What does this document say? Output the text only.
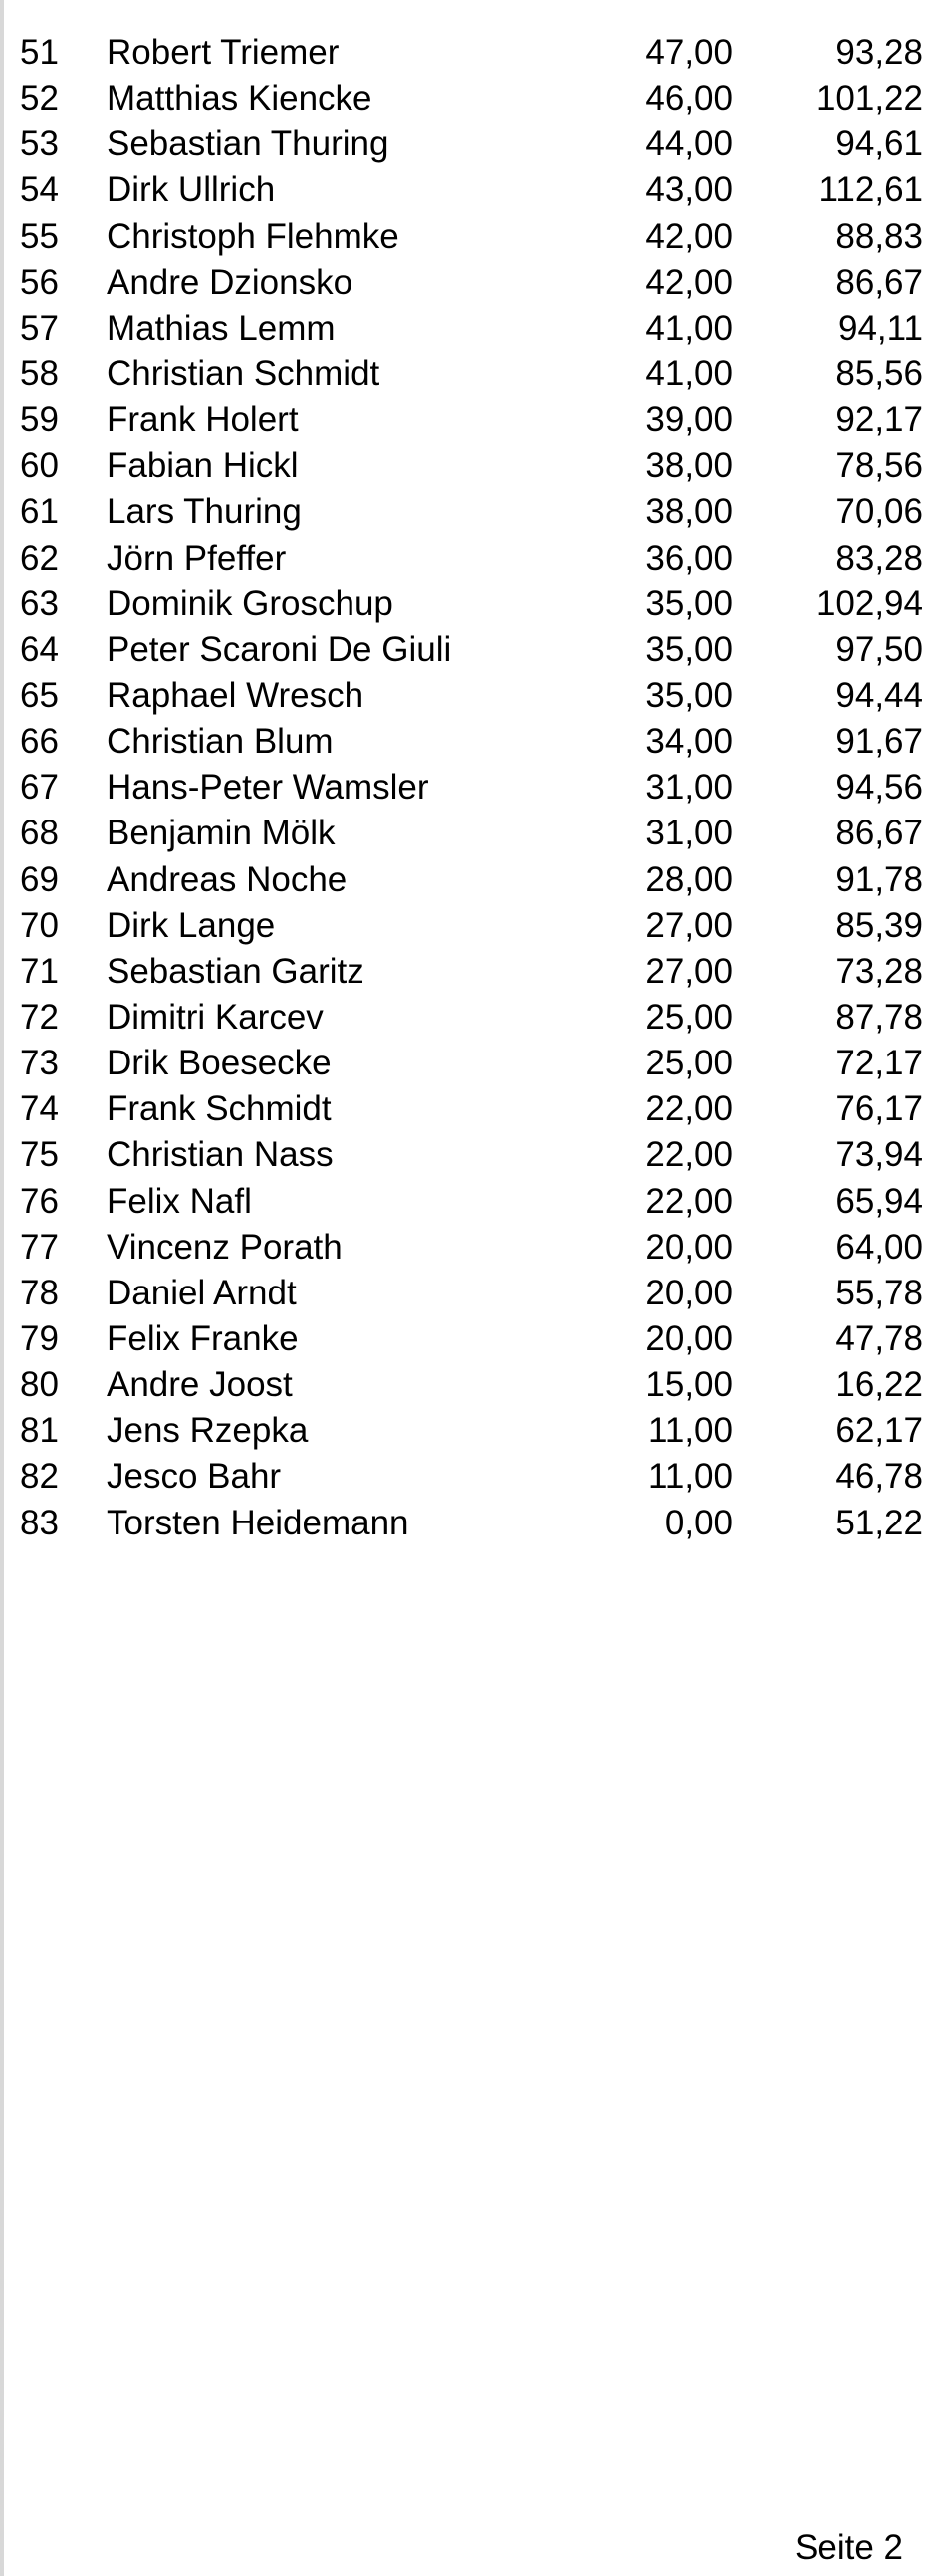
51	Robert Triemer	47,00	93,28
52	Matthias Kiencke	46,00	101,22
53	Sebastian Thuring	44,00	94,61
54	Dirk Ullrich	43,00	112,61
55	Christoph Flehmke	42,00	88,83
56	Andre Dzionsko	42,00	86,67
57	Mathias Lemm	41,00	94,11
58	Christian Schmidt	41,00	85,56
59	Frank Holert	39,00	92,17
60	Fabian Hickl	38,00	78,56
61	Lars Thuring	38,00	70,06
62	Jörn Pfeffer	36,00	83,28
63	Dominik Groschup	35,00	102,94
64	Peter Scaroni De Giuli	35,00	97,50
65	Raphael Wresch	35,00	94,44
66	Christian Blum	34,00	91,67
67	Hans-Peter Wamsler	31,00	94,56
68	Benjamin Mölk	31,00	86,67
69	Andreas Noche	28,00	91,78
70	Dirk Lange	27,00	85,39
71	Sebastian Garitz	27,00	73,28
72	Dimitri Karcev	25,00	87,78
73	Drik Boesecke	25,00	72,17
74	Frank Schmidt	22,00	76,17
75	Christian Nass	22,00	73,94
76	Felix Nafl	22,00	65,94
77	Vincenz Porath	20,00	64,00
78	Daniel Arndt	20,00	55,78
79	Felix Franke	20,00	47,78
80	Andre Joost	15,00	16,22
81	Jens Rzepka	11,00	62,17
82	Jesco Bahr	11,00	46,78
83	Torsten Heidemann	0,00	51,22
Seite 2
